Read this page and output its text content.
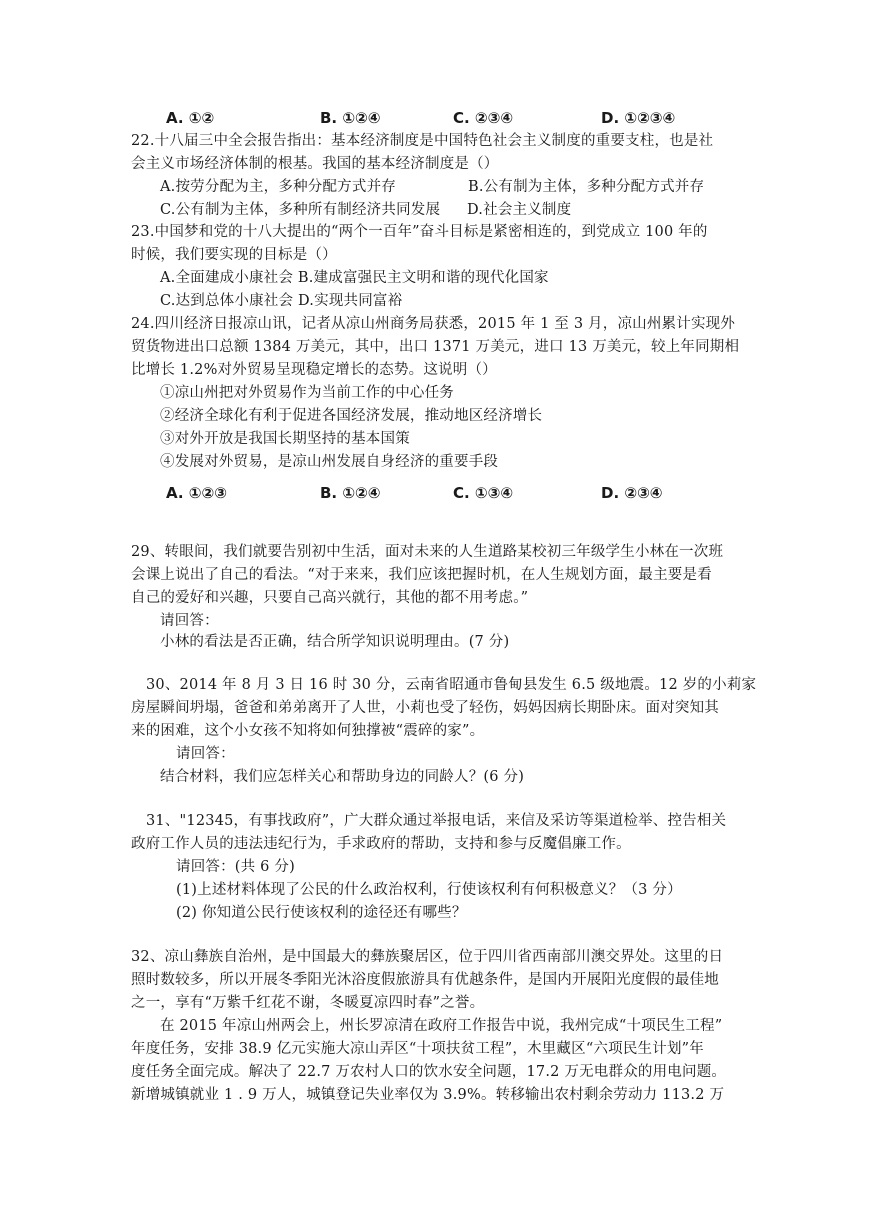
A. ①②	B. ①②④	C. ②③④	D. ①②③④
22.十八届三中全会报告指出：基本经济制度是中国特色社会主义制度的重要支柱，也是社
会主义市场经济体制的根基。我国的基本经济制度是（）
A.按劳分配为主，多种分配方式并存	B.公有制为主体，多种分配方式并存
C.公有制为主体，多种所有制经济共同发展 D.社会主义制度
23.中国梦和党的十八大提出的“两个一百年”奋斗目标是紧密相连的，到党成立 100 年的
时候，我们要实现的目标是（）
A.全面建成小康社会 B.建成富强民主文明和谐的现代化国家
C.达到总体小康社会 D.实现共同富裕
24.四川经济日报凉山讯，记者从凉山州商务局获悉，2015 年 1 至 3 月，凉山州累计实现外
贸货物进出口总额 1384 万美元，其中，出口 1371 万美元，进口 13 万美元，较上年同期相
比增长 1.2%对外贸易呈现稳定增长的态势。这说明（）
①凉山州把对外贸易作为当前工作的中心任务
②经济全球化有利于促进各国经济发展，推动地区经济增长
③对外开放是我国长期坚持的基本国策
④发展对外贸易，是凉山州发展自身经济的重要手段
A. ①②③	B. ①②④	C. ①③④	D. ②③④
29、转眼间，我们就要告别初中生活，面对未来的人生道路某校初三年级学生小林在一次班
会课上说出了自己的看法。“对于来来，我们应该把握时机，在人生规划方面，最主要是看
自己的爱好和兴趣，只要自己高兴就行，其他的都不用考虑。”
请回答：
小林的看法是否正确，结合所学知识说明理由。(7 分)
30、2014 年 8 月 3 日 16 时 30 分，云南省昭通市鲁甸县发生 6.5 级地震。12 岁的小莉家
房屋瞬间坍塌，爸爸和弟弟离开了人世，小莉也受了轻伤，妈妈因病长期卧床。面对突知其
来的困难，这个小女孩不知将如何独撑被“震碎的家”。
请回答：
结合材料，我们应怎样关心和帮助身边的同龄人？(6 分)
31、"12345，有事找政府”，广大群众通过举报电话，来信及采访等渠道检举、控告相关
政府工作人员的违法违纪行为，手求政府的帮助，支持和参与反魔倡廉工作。
请回答：(共 6 分)
(1)上述材料体现了公民的什么政治权利，行使该权利有何积极意义？（3 分）
(2) 你知道公民行使该权利的途径还有哪些？
32、凉山彝族自治州，是中国最大的彝族聚居区，位于四川省西南部川澳交界处。这里的日
照时数较多，所以开展冬季阳光沐浴度假旅游具有优越条件，是国内开展阳光度假的最佳地
之一，享有“万紫千红花不谢，冬暖夏凉四时春”之誉。
在 2015 年凉山州两会上，州长罗凉清在政府工作报告中说，我州完成“十项民生工程”
年度任务，安排 38.9 亿元实施大凉山弄区“十项扶贫工程”，木里藏区“六项民生计划”年
度任务全面完成。解决了 22.7 万农村人口的饮水安全问题，17.2 万无电群众的用电问题。
新增城镇就业 1 . 9 万人，城镇登记失业率仅为 3.9%。转移输出农村剩余劳动力 113.2 万
